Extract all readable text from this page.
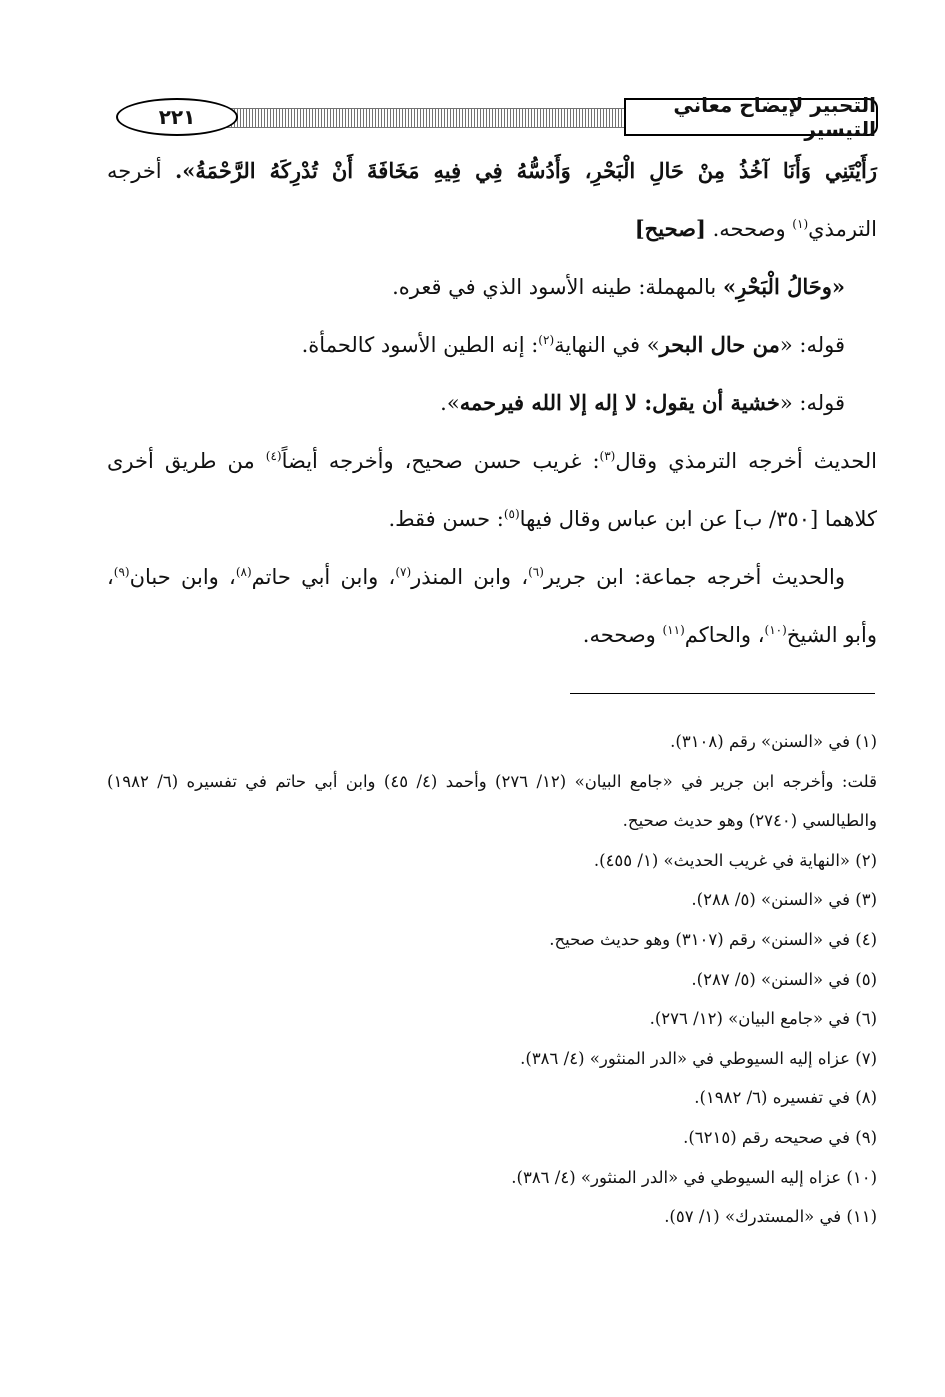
التحبير لإيضاح معاني التيسير
٢٢١

رَأَيْتَنِي وَأَنَا آخُذُ مِنْ حَالِ الْبَحْرِ، وَأَدُسُّهُ فِي فِيهِ مَخَافَةَ أَنْ تُدْرِكَهُ الرَّحْمَةُ». أخرجه الترمذي$^{(١)}$ وصححه. [صحيح]

«وحَالُ الْبَحْرِ» بالمهملة: طينه الأسود الذي في قعره.

قوله: «من حال البحر» في النهاية$^{(٢)}$: إنه الطين الأسود كالحمأة.

قوله: «خشية أن يقول: لا إله إلا الله فيرحمه».

الحديث أخرجه الترمذي وقال$^{(٣)}$: غريب حسن صحيح، وأخرجه أيضاً$^{(٤)}$ من طريق أخرى كلاهما [٣٥٠/ ب] عن ابن عباس وقال فيها$^{(٥)}$: حسن فقط.

والحديث أخرجه جماعة: ابن جرير$^{(٦)}$، وابن المنذر$^{(٧)}$، وابن أبي حاتم$^{(٨)}$، وابن حبان$^{(٩)}$، وأبو الشيخ$^{(١٠)}$، والحاكم$^{(١١)}$ وصححه.

(١) في «السنن» رقم (٣١٠٨).

قلت: وأخرجه ابن جرير في «جامع البيان» (١٢/ ٢٧٦) وأحمد (٤/ ٤٥) وابن أبي حاتم في تفسيره (٦/ ١٩٨٢) والطيالسي (٢٧٤٠) وهو حديث صحيح.

(٢) «النهاية في غريب الحديث» (١/ ٤٥٥).

(٣) في «السنن» (٥/ ٢٨٨).

(٤) في «السنن» رقم (٣١٠٧) وهو حديث صحيح.

(٥) في «السنن» (٥/ ٢٨٧).

(٦) في «جامع البيان» (١٢/ ٢٧٦).

(٧) عزاه إليه السيوطي في «الدر المنثور» (٤/ ٣٨٦).

(٨) في تفسيره (٦/ ١٩٨٢).

(٩) في صحيحه رقم (٦٢١٥).

(١٠) عزاه إليه السيوطي في «الدر المنثور» (٤/ ٣٨٦).

(١١) في «المستدرك» (١/ ٥٧).
